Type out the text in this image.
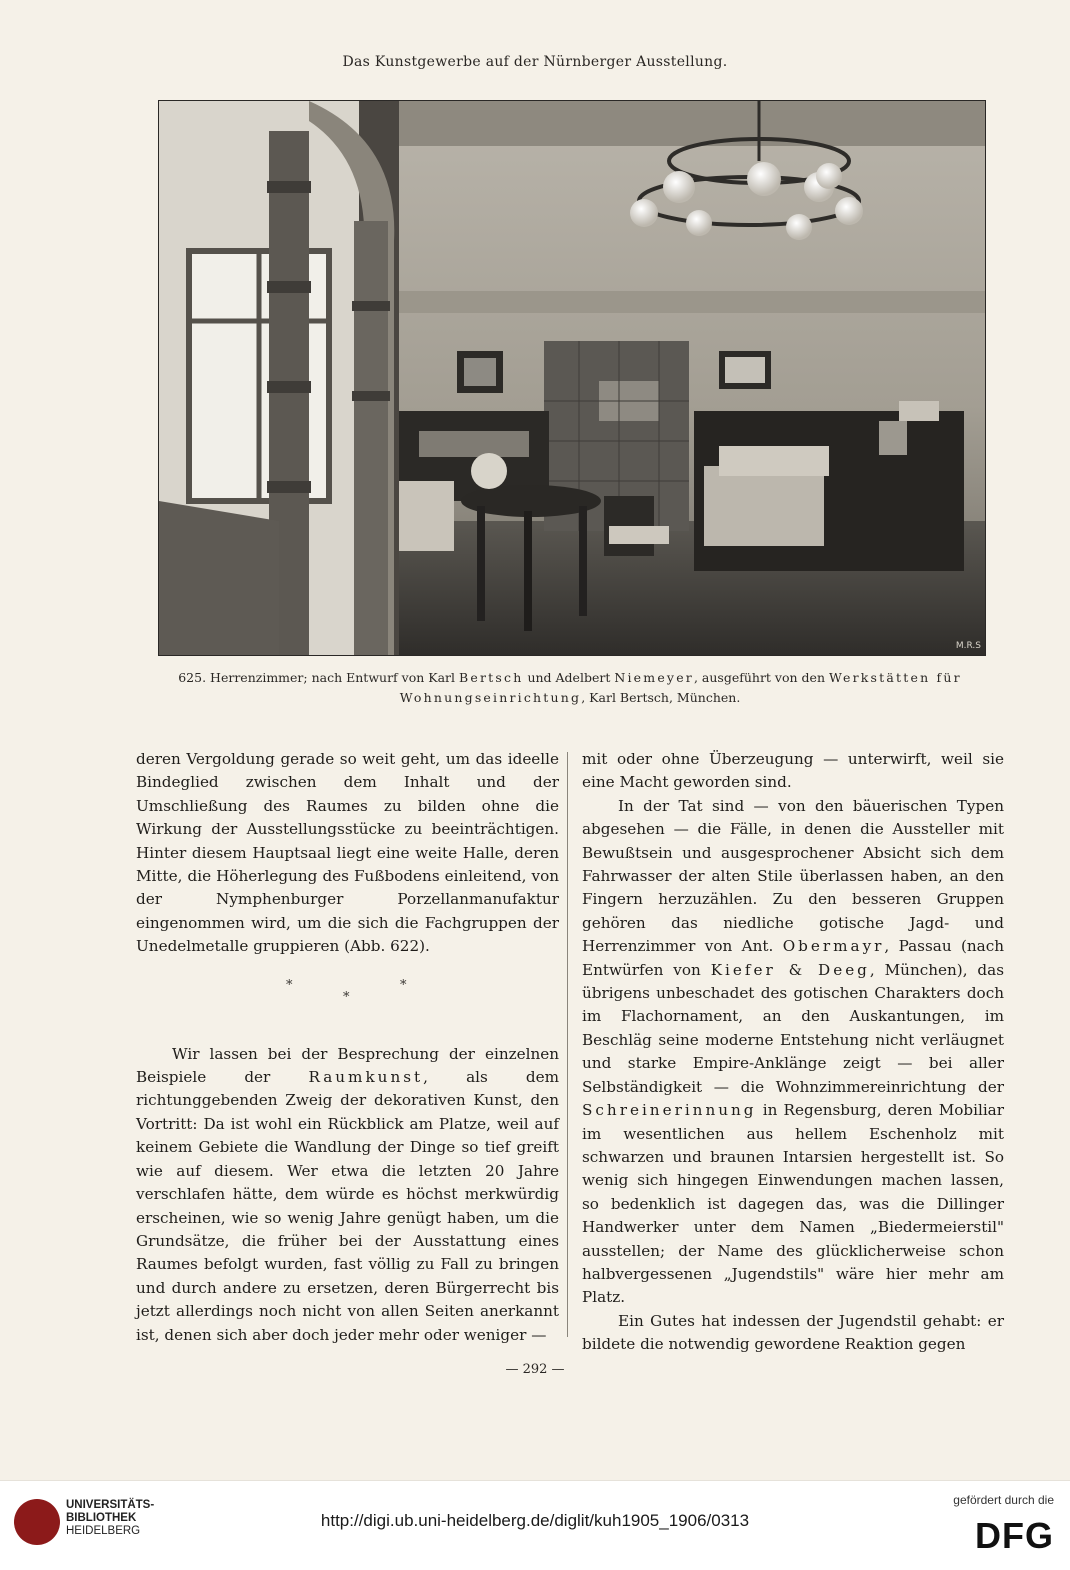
Das Kunstgewerbe auf der Nürnberger Ausstellung.
M.R.S
625. Herrenzimmer; nach Entwurf von Karl Bertsch und Adelbert Niemeyer, ausgeführt von den Werkstätten für
Wohnungseinrichtung, Karl Bertsch, München.

deren Vergoldung gerade so weit geht, um das ideelle Bindeglied zwischen dem Inhalt und der Umschließung des Raumes zu bilden ohne die Wirkung der Ausstellungsstücke zu beeinträchtigen. Hinter diesem Hauptsaal liegt eine weite Halle, deren Mitte, die Höherlegung des Fußbodens einleitend, von der Nymphenburger Porzellanmanufaktur eingenommen wird, um die sich die Fachgruppen der Unedelmetalle gruppieren (Abb. 622).

*
*
*

Wir lassen bei der Besprechung der einzelnen Beispiele der	Raumkunst, als dem richtunggebenden Zweig der dekorativen Kunst, den Vortritt: Da ist wohl ein Rückblick am Platze, weil auf keinem Gebiete die Wandlung der Dinge so tief greift wie auf diesem. Wer etwa die letzten 20 Jahre verschlafen hätte, dem würde es höchst merkwürdig erscheinen, wie so wenig Jahre genügt haben, um die Grundsätze, die früher bei der Ausstattung eines Raumes befolgt wurden, fast völlig zu Fall zu bringen und durch andere zu ersetzen, deren Bürgerrecht bis jetzt allerdings noch nicht von allen Seiten anerkannt ist, denen sich aber doch jeder mehr oder weniger —

mit oder ohne Überzeugung — unterwirft, weil sie eine Macht geworden sind.

In der Tat sind — von den bäuerischen Typen abgesehen — die Fälle, in denen die Aussteller mit Bewußtsein und ausgesprochener Absicht sich dem Fahrwasser der alten Stile überlassen haben, an den Fingern herzuzählen. Zu den besseren Gruppen gehören das niedliche gotische Jagd- und Herrenzimmer von Ant. Obermayr, Passau (nach Entwürfen von Kiefer & Deeg, München), das übrigens unbeschadet des gotischen Charakters doch im Flachornament, an den Auskantungen, im Beschläg seine moderne Entstehung nicht verläugnet und starke Empire-Anklänge zeigt — bei aller Selbständigkeit — die Wohnzimmereinrichtung der Schreinerinnung in Regensburg, deren Mobiliar im wesentlichen aus hellem Eschenholz mit schwarzen und braunen Intarsien hergestellt ist. So wenig sich hingegen Einwendungen machen lassen, so bedenklich ist dagegen das, was die Dillinger Handwerker unter dem Namen „Biedermeierstil" ausstellen; der Name des glücklicherweise schon halbvergessenen „Jugendstils" wäre hier mehr am Platz.

Ein Gutes hat indessen der Jugendstil gehabt: er bildete die notwendig gewordene Reaktion gegen

— 292 —
UNIVERSITÄTS-
BIBLIOTHEK
HEIDELBERG
http://digi.ub.uni-heidelberg.de/diglit/kuh1905_1906/0313
gefördert durch die
DFG
